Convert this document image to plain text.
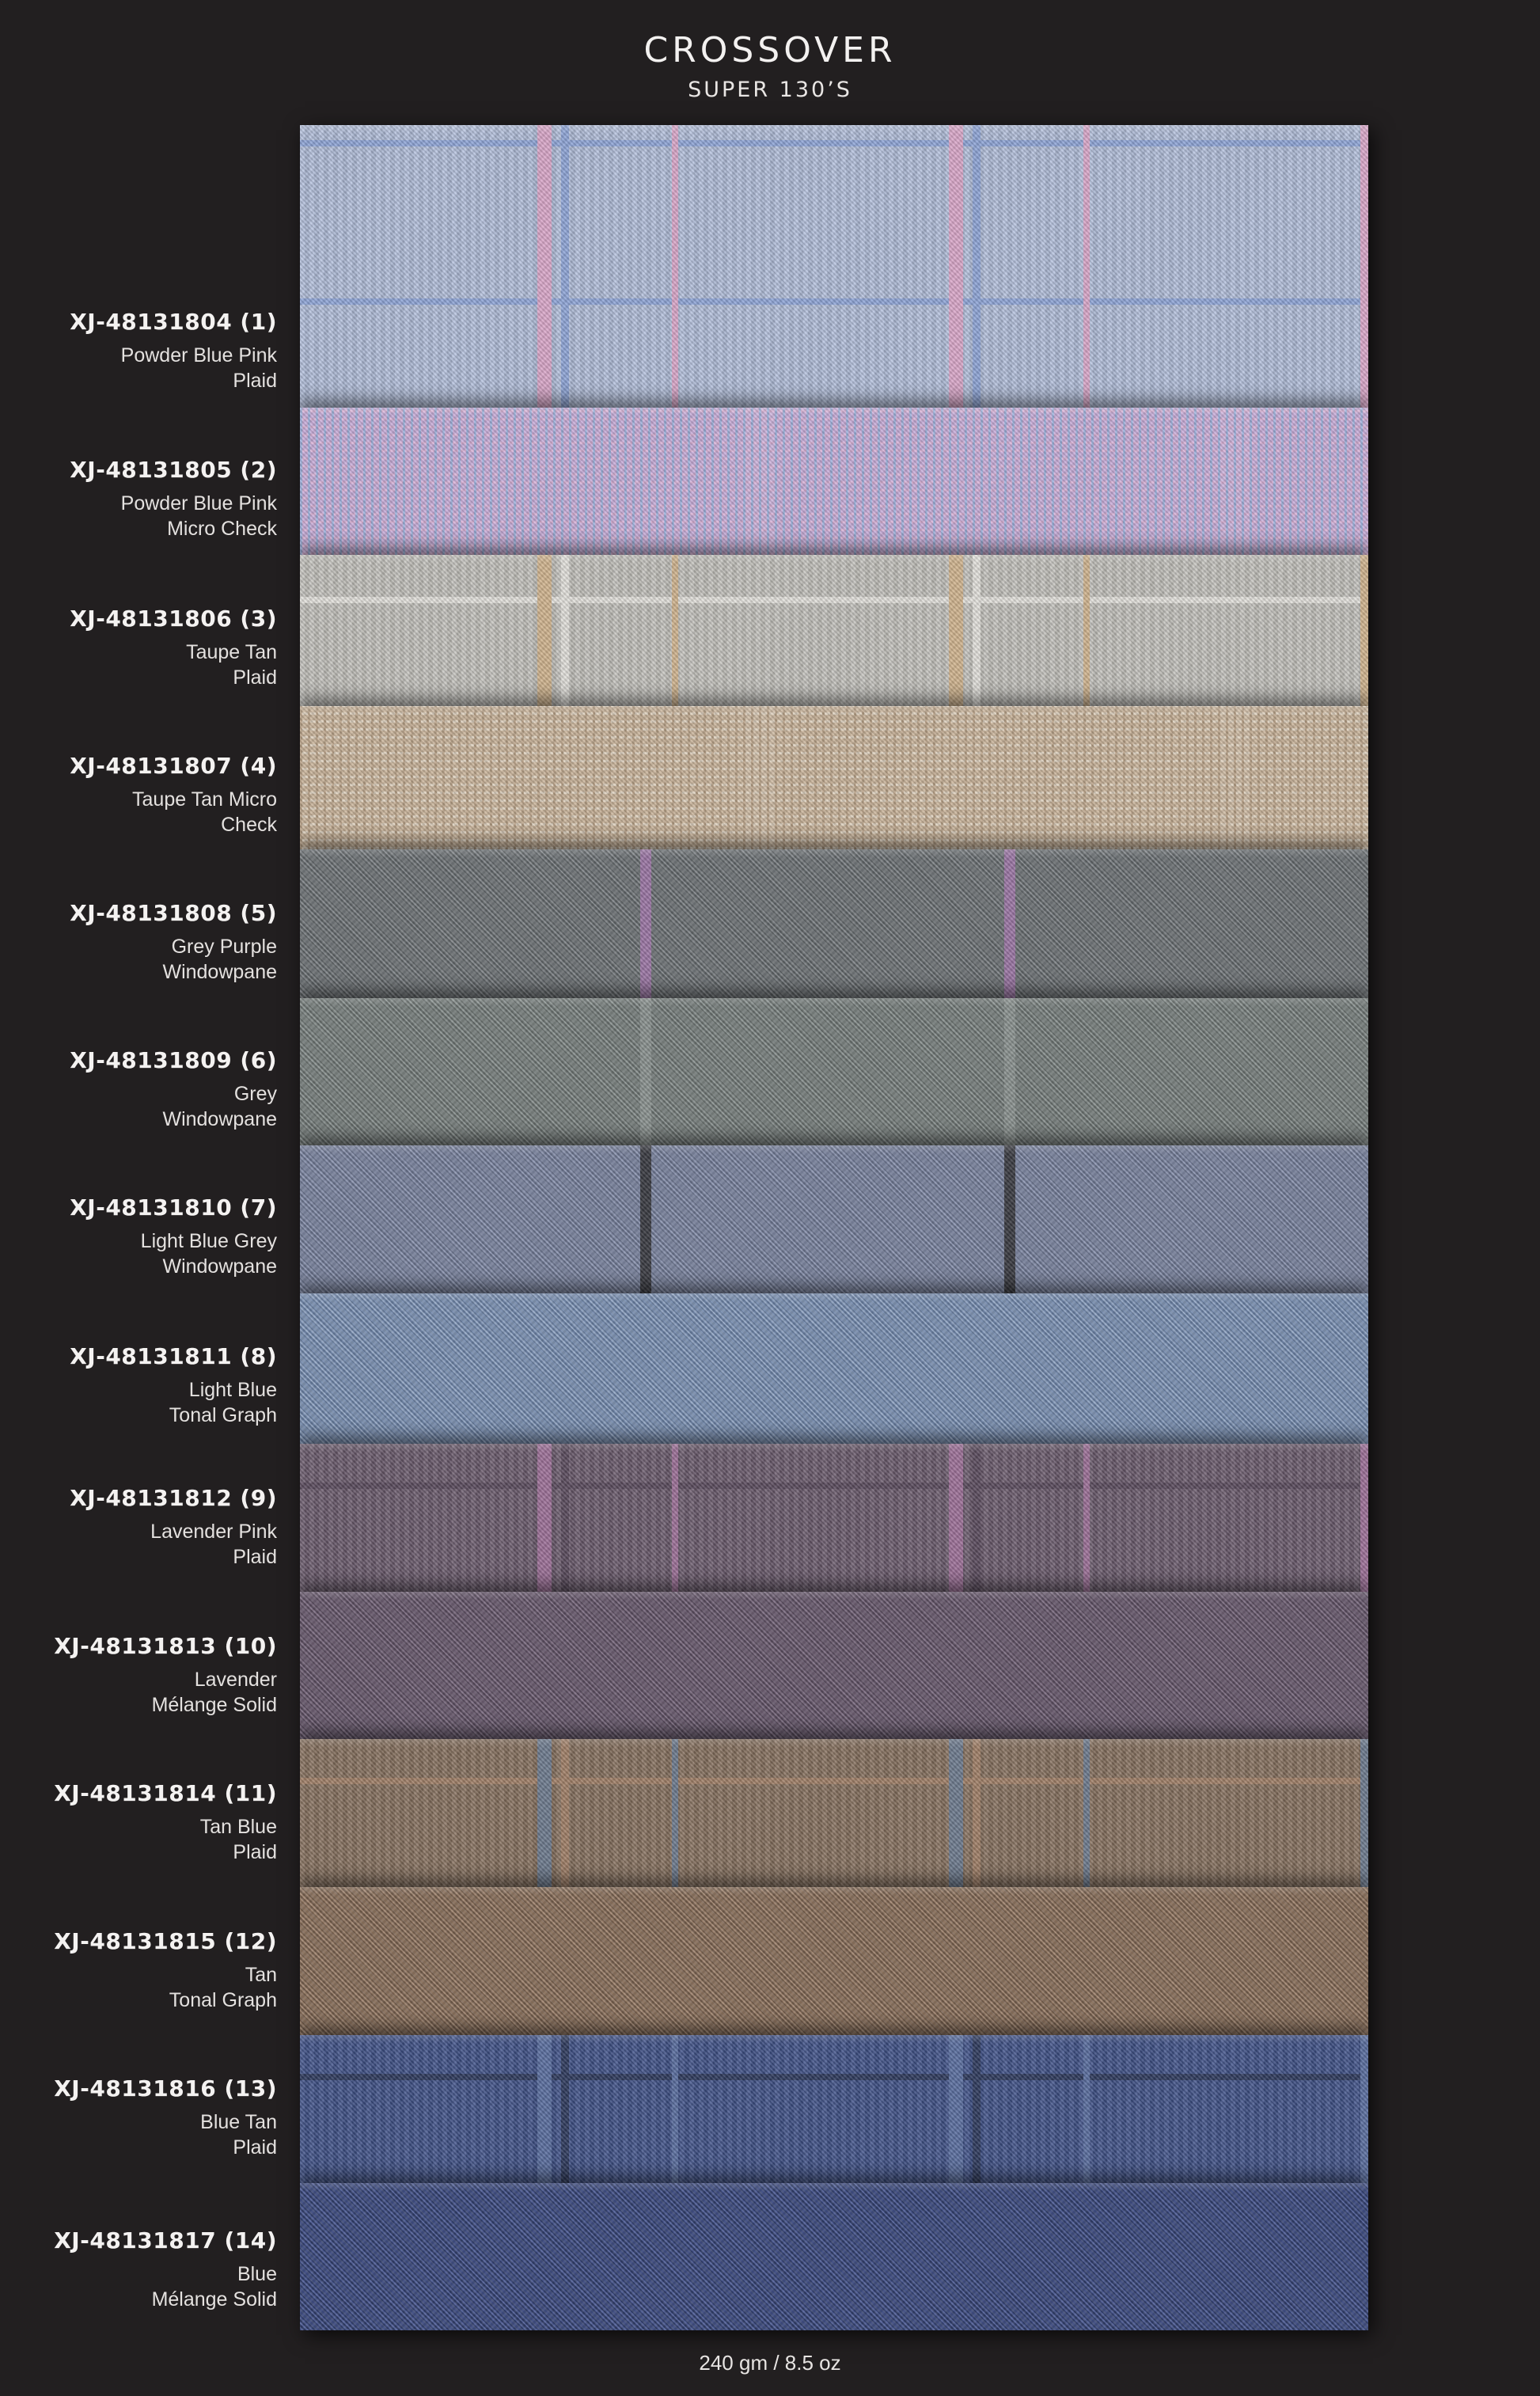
CROSSOVER
SUPER 130’S
XJ-48131804 (1)
Powder Blue Pink
Plaid
XJ-48131805 (2)
Powder Blue Pink
Micro Check
XJ-48131806 (3)
Taupe Tan
Plaid
XJ-48131807 (4)
Taupe Tan Micro
Check
XJ-48131808 (5)
Grey Purple
Windowpane
XJ-48131809 (6)
Grey
Windowpane
XJ-48131810 (7)
Light Blue Grey
Windowpane
XJ-48131811 (8)
Light Blue
Tonal Graph
XJ-48131812 (9)
Lavender Pink
Plaid
XJ-48131813 (10)
Lavender
Mélange Solid
XJ-48131814 (11)
Tan Blue
Plaid
XJ-48131815 (12)
Tan
Tonal Graph
XJ-48131816 (13)
Blue Tan
Plaid
XJ-48131817 (14)
Blue
Mélange Solid
240 gm / 8.5 oz
